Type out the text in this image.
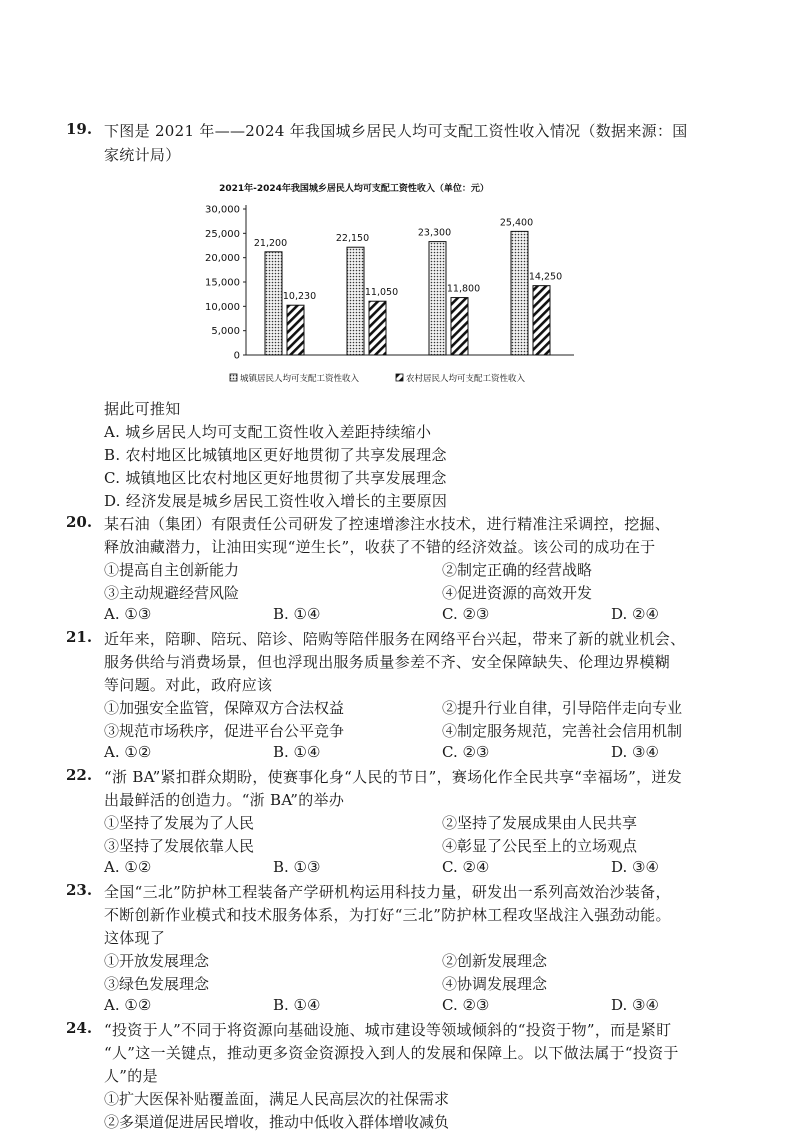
19. 下图是 2021 年——2024 年我国城乡居民人均可支配工资性收入情况（数据来源：国
家统计局）
2021年-2024年我国城乡居民人均可支配工资性收入（单位：元）
30,000
25,000
20,000
15,000
10,000
5,000
0
21,200
10,230
22,150
11,050
23,300
11,800
25,400
14,250
城镇居民人均可支配工资性收入	农村居民人均可支配工资性收入
据此可推知
A. 城乡居民人均可支配工资性收入差距持续缩小
B. 农村地区比城镇地区更好地贯彻了共享发展理念
C. 城镇地区比农村地区更好地贯彻了共享发展理念
D. 经济发展是城乡居民工资性收入增长的主要原因
20. 某石油（集团）有限责任公司研发了控速增渗注水技术，进行精准注采调控，挖掘、
释放油藏潜力，让油田实现“逆生长”，收获了不错的经济效益。该公司的成功在于
①提高自主创新能力	②制定正确的经营战略
③主动规避经营风险	④促进资源的高效开发
A. ①③	B. ①④	C. ②③	D. ②④
21. 近年来，陪聊、陪玩、陪诊、陪购等陪伴服务在网络平台兴起，带来了新的就业机会、
服务供给与消费场景，但也浮现出服务质量参差不齐、安全保障缺失、伦理边界模糊
等问题。对此，政府应该
①加强安全监管，保障双方合法权益	②提升行业自律，引导陪伴走向专业
③规范市场秩序，促进平台公平竞争	④制定服务规范，完善社会信用机制
A. ①②	B. ①④	C. ②③	D. ③④
22. “浙 BA”紧扣群众期盼，使赛事化身“人民的节日”，赛场化作全民共享“幸福场”，迸发
出最鲜活的创造力。“浙 BA”的举办
①坚持了发展为了人民	②坚持了发展成果由人民共享
③坚持了发展依靠人民	④彰显了公民至上的立场观点
A. ①②	B. ①③	C. ②④	D. ③④
23. 全国“三北”防护林工程装备产学研机构运用科技力量，研发出一系列高效治沙装备，
不断创新作业模式和技术服务体系，为打好“三北”防护林工程攻坚战注入强劲动能。
这体现了
①开放发展理念	②创新发展理念
③绿色发展理念	④协调发展理念
A. ①②	B. ①④	C. ②③	D. ③④
24. “投资于人”不同于将资源向基础设施、城市建设等领域倾斜的“投资于物”，而是紧盯
“人”这一关键点，推动更多资金资源投入到人的发展和保障上。以下做法属于“投资于
人”的是
①扩大医保补贴覆盖面，满足人民高层次的社保需求
②多渠道促进居民增收，推动中低收入群体增收减负
